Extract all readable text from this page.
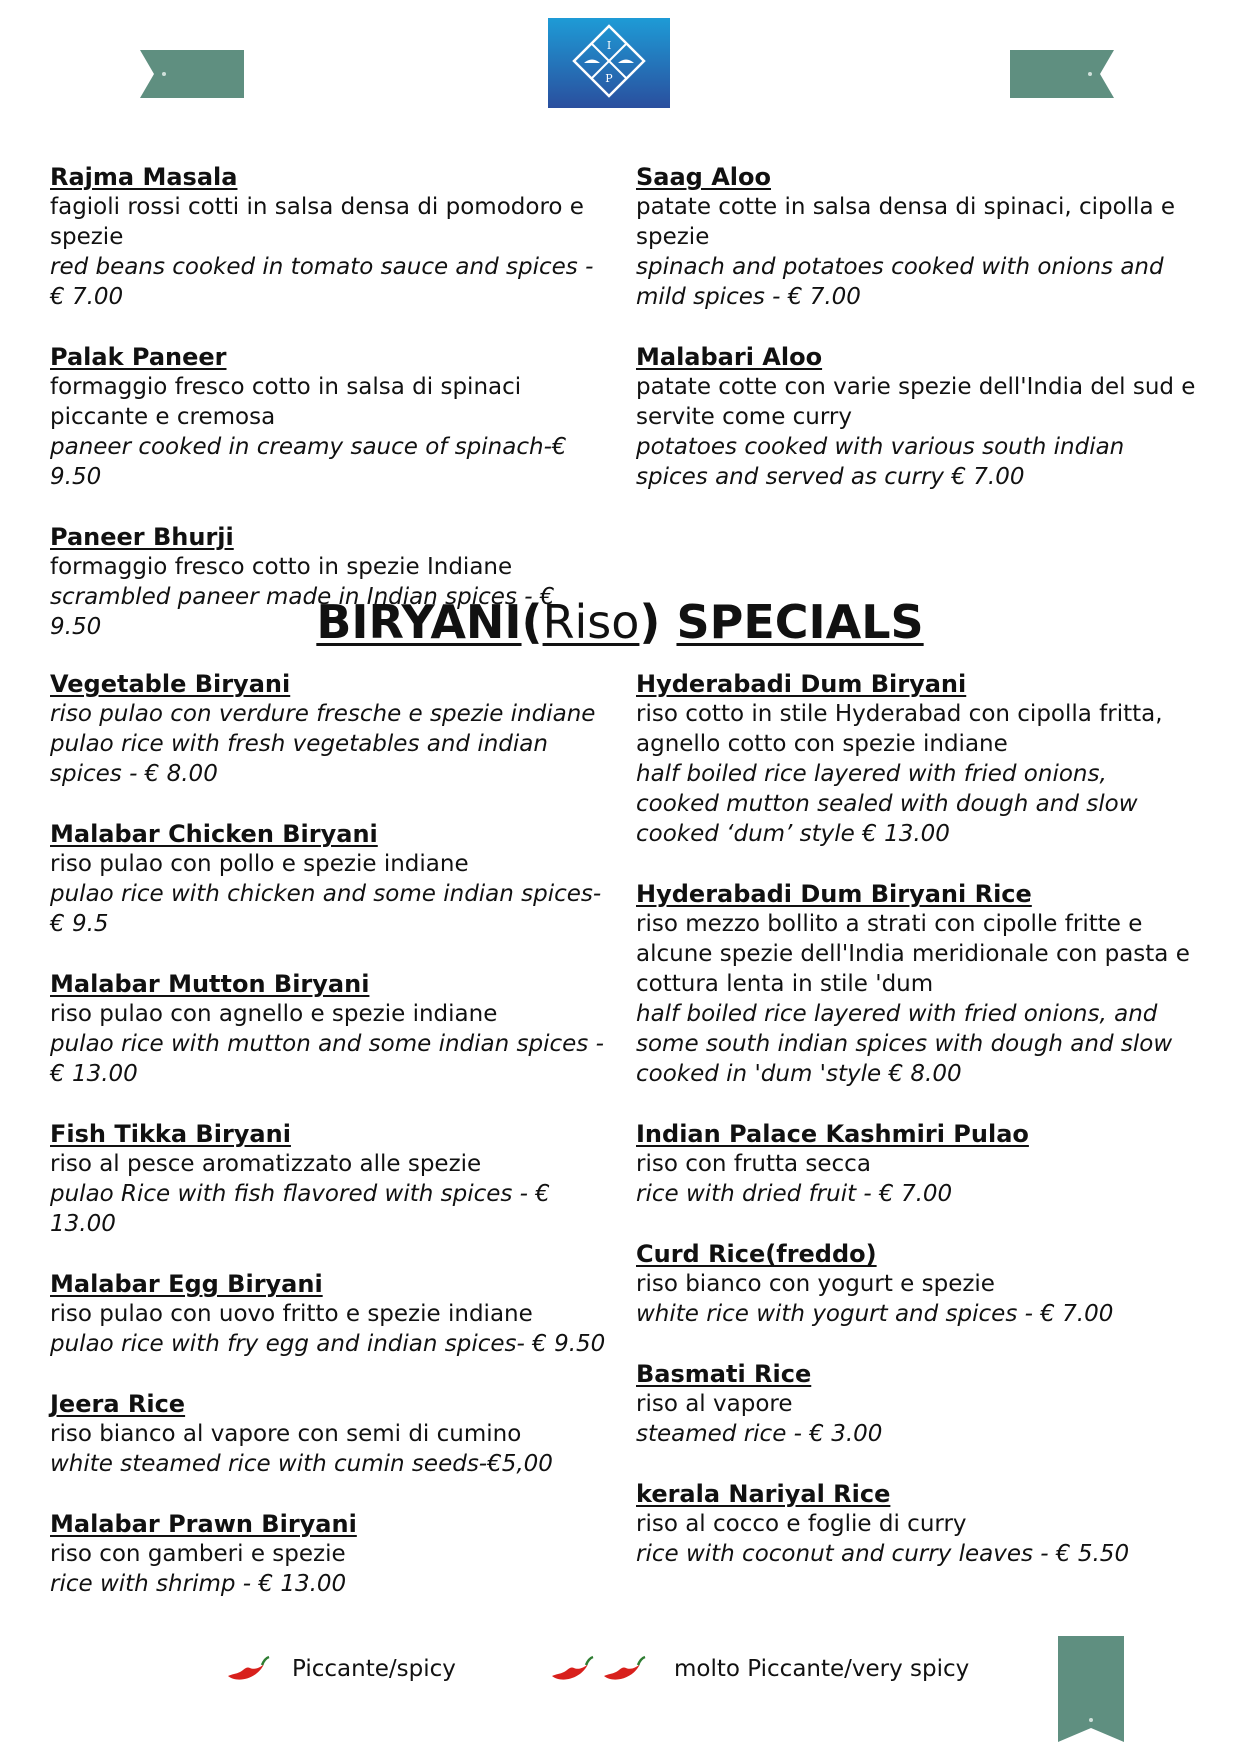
I
P
Rajma Masala
fagioli rossi cotti in salsa densa di pomodoro e spezie
red beans cooked in tomato sauce and spices - € 7.00
Palak Paneer
formaggio fresco cotto in salsa di spinaci piccante e cremosa
paneer cooked in creamy sauce of spinach-€ 9.50
Paneer Bhurji
formaggio fresco cotto in spezie Indiane
scrambled paneer made in Indian spices - € 9.50
Saag Aloo
patate cotte in salsa densa di spinaci, cipolla e spezie
spinach and potatoes cooked with onions and mild spices - € 7.00
Malabari Aloo
patate cotte con varie spezie dell'India del sud e servite come curry
potatoes cooked with various south indian spices and served as curry € 7.00
BIRYANI(Riso) SPECIALS
Vegetable Biryani
riso pulao con verdure fresche e spezie indiane
pulao rice with fresh vegetables and indian spices - € 8.00
Malabar Chicken Biryani
riso pulao con pollo e spezie indiane
pulao rice with chicken and some indian spices- € 9.5
Malabar Mutton Biryani
riso pulao con agnello e spezie indiane
pulao rice with mutton and some indian spices - € 13.00
Fish Tikka Biryani
riso al pesce aromatizzato alle spezie
pulao Rice with fish flavored with spices - € 13.00
Malabar Egg Biryani
riso pulao con uovo fritto e spezie indiane
pulao rice with fry egg and indian spices- € 9.50
Jeera Rice
riso bianco al vapore con semi di cumino
white steamed rice with cumin seeds-€5,00
Malabar Prawn Biryani
riso con gamberi e spezie
rice with shrimp - € 13.00
Hyderabadi Dum Biryani
riso cotto in stile Hyderabad con cipolla fritta, agnello cotto con spezie indiane
half boiled rice layered with fried onions, cooked mutton sealed with dough and slow cooked ‘dum’ style € 13.00
Hyderabadi Dum Biryani Rice
riso mezzo bollito a strati con cipolle fritte e alcune spezie dell'India meridionale con pasta e cottura lenta in stile 'dum
half boiled rice layered with fried onions, and some south indian spices with dough and slow cooked in 'dum 'style € 8.00
Indian Palace Kashmiri Pulao
riso con frutta secca
rice with dried fruit - € 7.00
Curd Rice(freddo)
riso bianco con yogurt e spezie
white rice with yogurt and spices - € 7.00
Basmati Rice
riso al vapore
steamed rice - € 3.00
kerala Nariyal Rice
riso al cocco e foglie di curry
rice with coconut and curry leaves - € 5.50
Piccante/spicy	molto Piccante/very spicy
